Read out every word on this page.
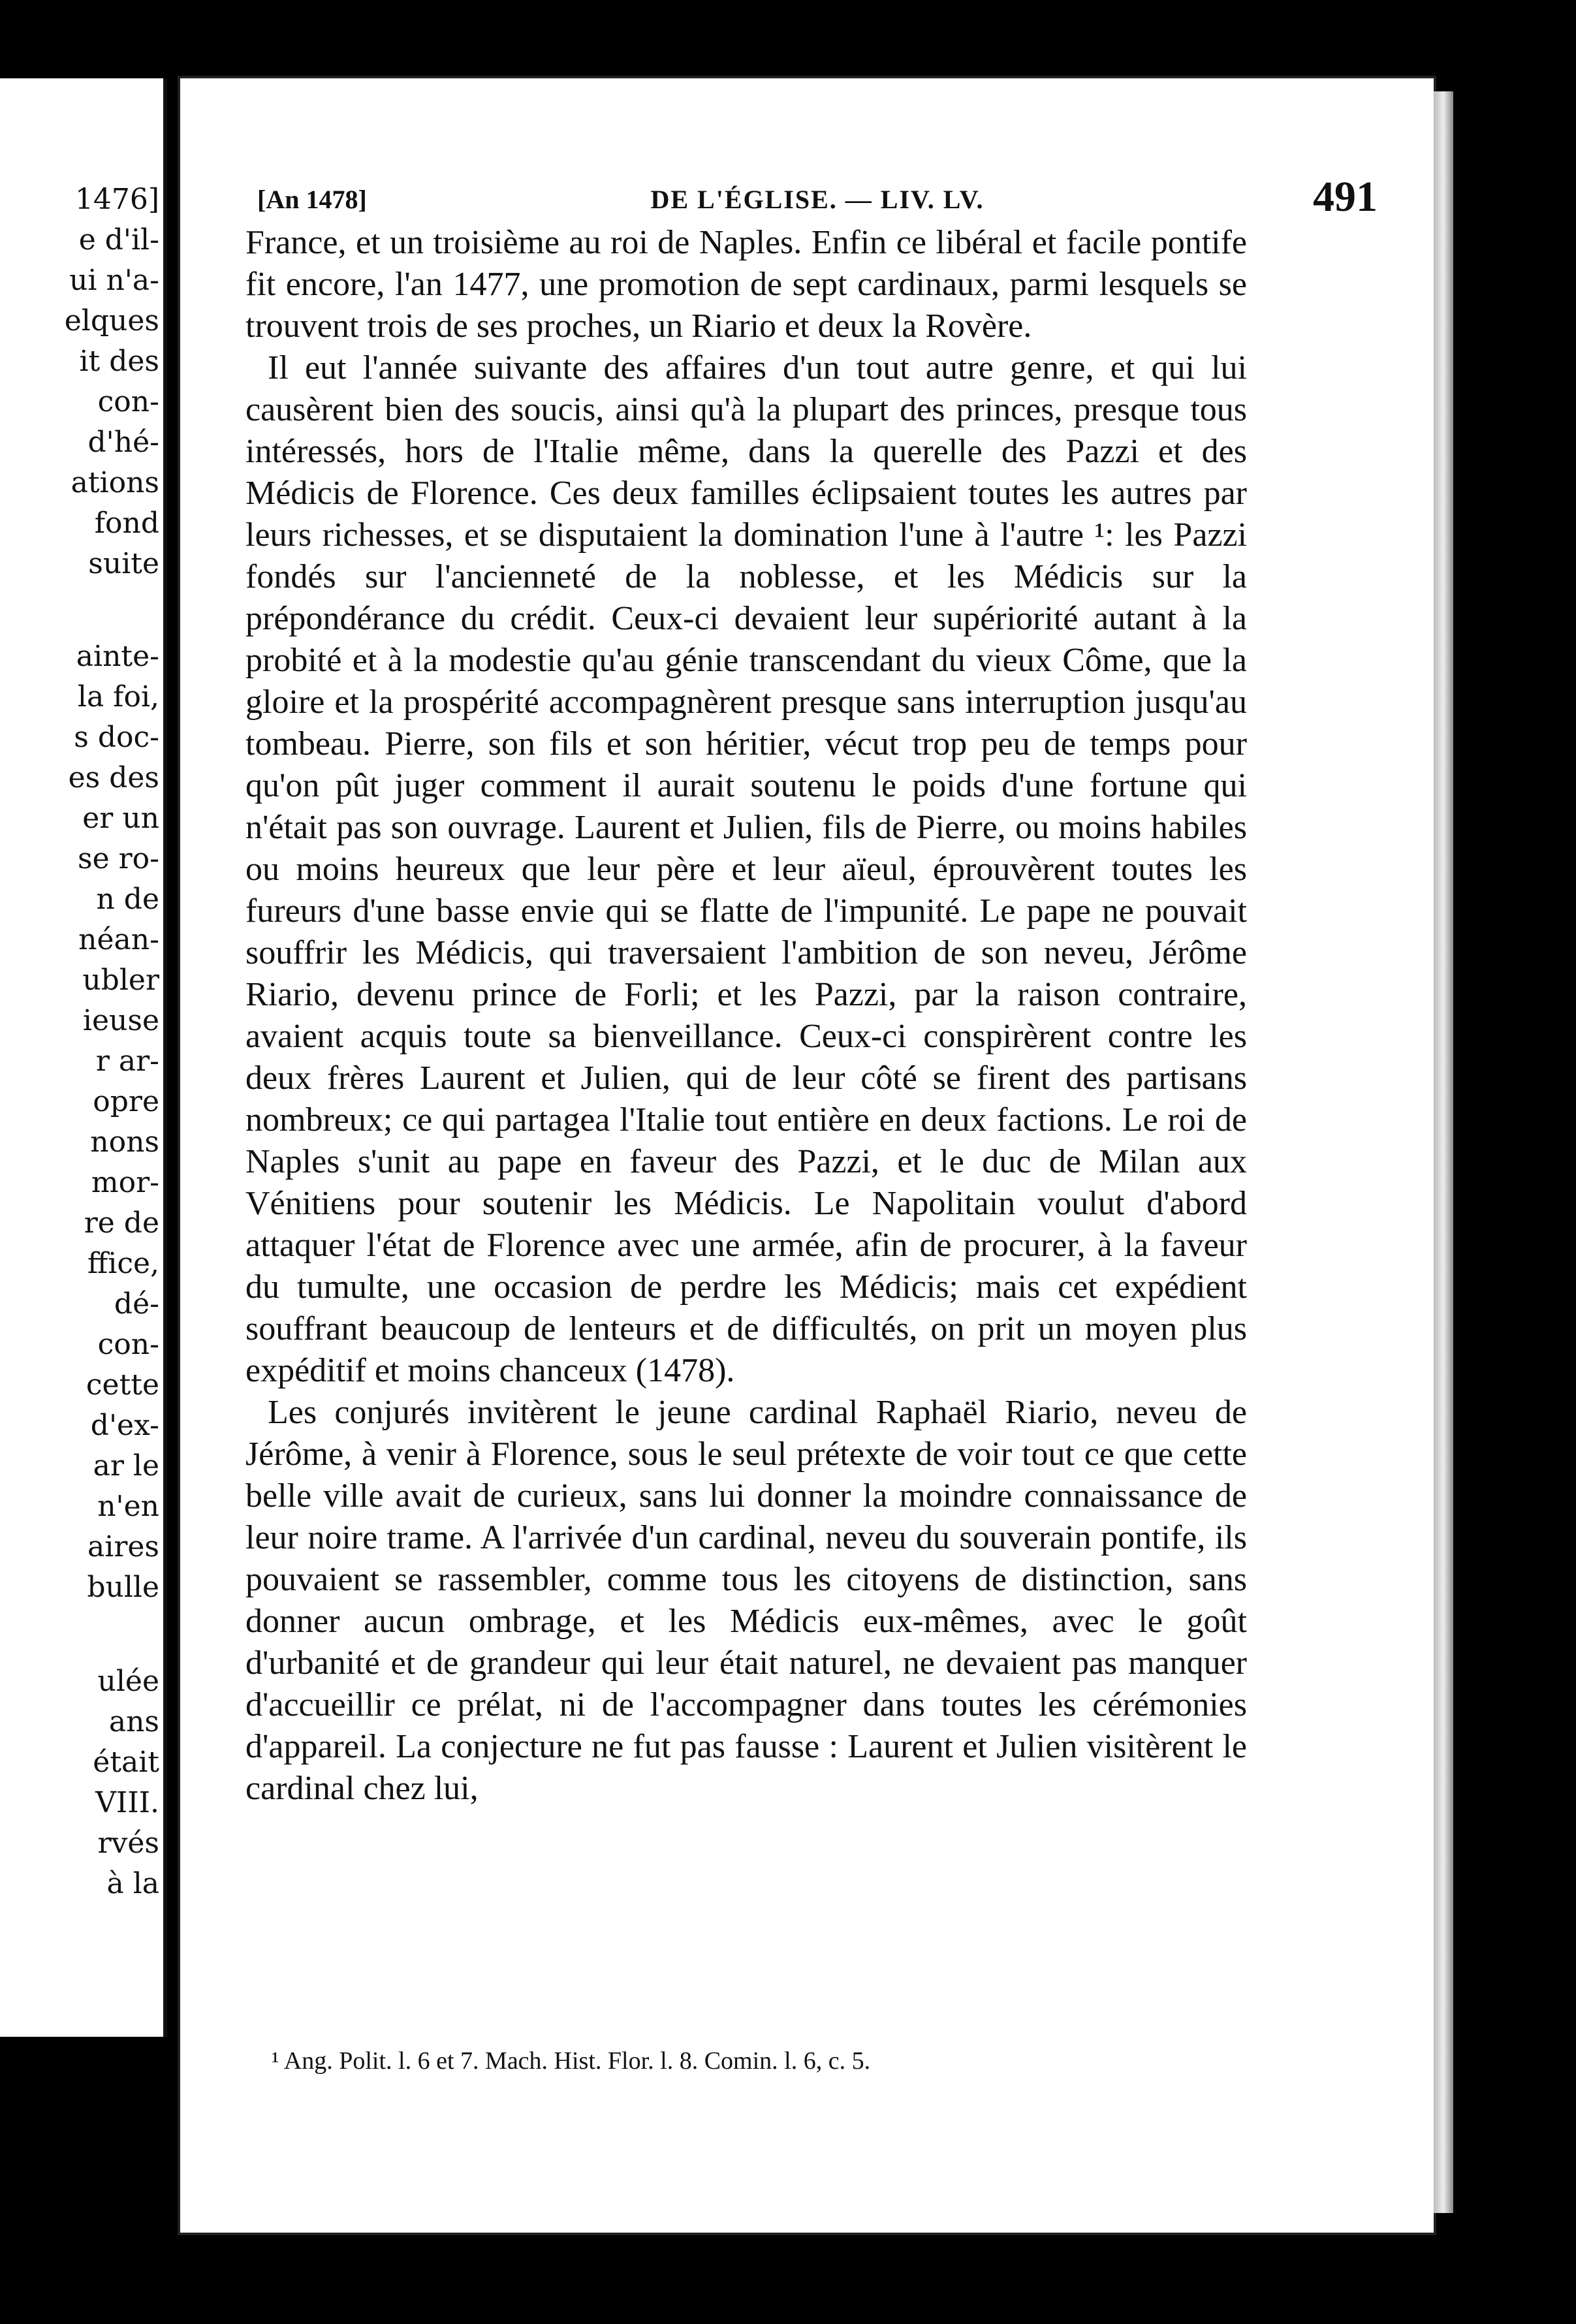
1476]
e d'il-
ui n'a-
elques
it des
con-
d'hé-
ations
fond
suite
ainte-
la foi,
s doc-
es des
er un
se ro-
n de
néan-
ubler
ieuse
r ar-
opre
nons
mor-
re de
ffice,
dé-
con-
cette
d'ex-
ar le
n'en
aires
bulle
ulée
ans
était
VIII.
rvés
à la
[An 1478]	DE L'ÉGLISE. — LIV. LV.	491

France, et un troisième au roi de Naples. Enfin ce libéral et facile pontife fit encore, l'an 1477, une promotion de sept cardinaux, parmi lesquels se trouvent trois de ses proches, un Riario et deux la Rovère.

Il eut l'année suivante des affaires d'un tout autre genre, et qui lui causèrent bien des soucis, ainsi qu'à la plupart des princes, presque tous intéressés, hors de l'Italie même, dans la querelle des Pazzi et des Médicis de Florence. Ces deux familles éclipsaient toutes les autres par leurs richesses, et se disputaient la domination l'une à l'autre ¹: les Pazzi fondés sur l'ancienneté de la noblesse, et les Médicis sur la prépondérance du crédit. Ceux-ci devaient leur supériorité autant à la probité et à la modestie qu'au génie transcendant du vieux Côme, que la gloire et la prospérité accompagnèrent presque sans interruption jusqu'au tombeau. Pierre, son fils et son héritier, vécut trop peu de temps pour qu'on pût juger comment il aurait soutenu le poids d'une fortune qui n'était pas son ouvrage. Laurent et Julien, fils de Pierre, ou moins habiles ou moins heureux que leur père et leur aïeul, éprouvèrent toutes les fureurs d'une basse envie qui se flatte de l'impunité. Le pape ne pouvait souffrir les Médicis, qui traversaient l'ambition de son neveu, Jérôme Riario, devenu prince de Forli; et les Pazzi, par la raison contraire, avaient acquis toute sa bienveillance. Ceux-ci conspirèrent contre les deux frères Laurent et Julien, qui de leur côté se firent des partisans nombreux; ce qui partagea l'Italie tout entière en deux factions. Le roi de Naples s'unit au pape en faveur des Pazzi, et le duc de Milan aux Vénitiens pour soutenir les Médicis. Le Napolitain voulut d'abord attaquer l'état de Florence avec une armée, afin de procurer, à la faveur du tumulte, une occasion de perdre les Médicis; mais cet expédient souffrant beaucoup de lenteurs et de difficultés, on prit un moyen plus expéditif et moins chanceux (1478).

Les conjurés invitèrent le jeune cardinal Raphaël Riario, neveu de Jérôme, à venir à Florence, sous le seul prétexte de voir tout ce que cette belle ville avait de curieux, sans lui donner la moindre connaissance de leur noire trame. A l'arrivée d'un cardinal, neveu du souverain pontife, ils pouvaient se rassembler, comme tous les citoyens de distinction, sans donner aucun ombrage, et les Médicis eux-mêmes, avec le goût d'urbanité et de grandeur qui leur était naturel, ne devaient pas manquer d'accueillir ce prélat, ni de l'accompagner dans toutes les cérémonies d'appareil. La conjecture ne fut pas fausse : Laurent et Julien visitèrent le cardinal chez lui,

¹ Ang. Polit. l. 6 et 7. Mach. Hist. Flor. l. 8. Comin. l. 6, c. 5.
